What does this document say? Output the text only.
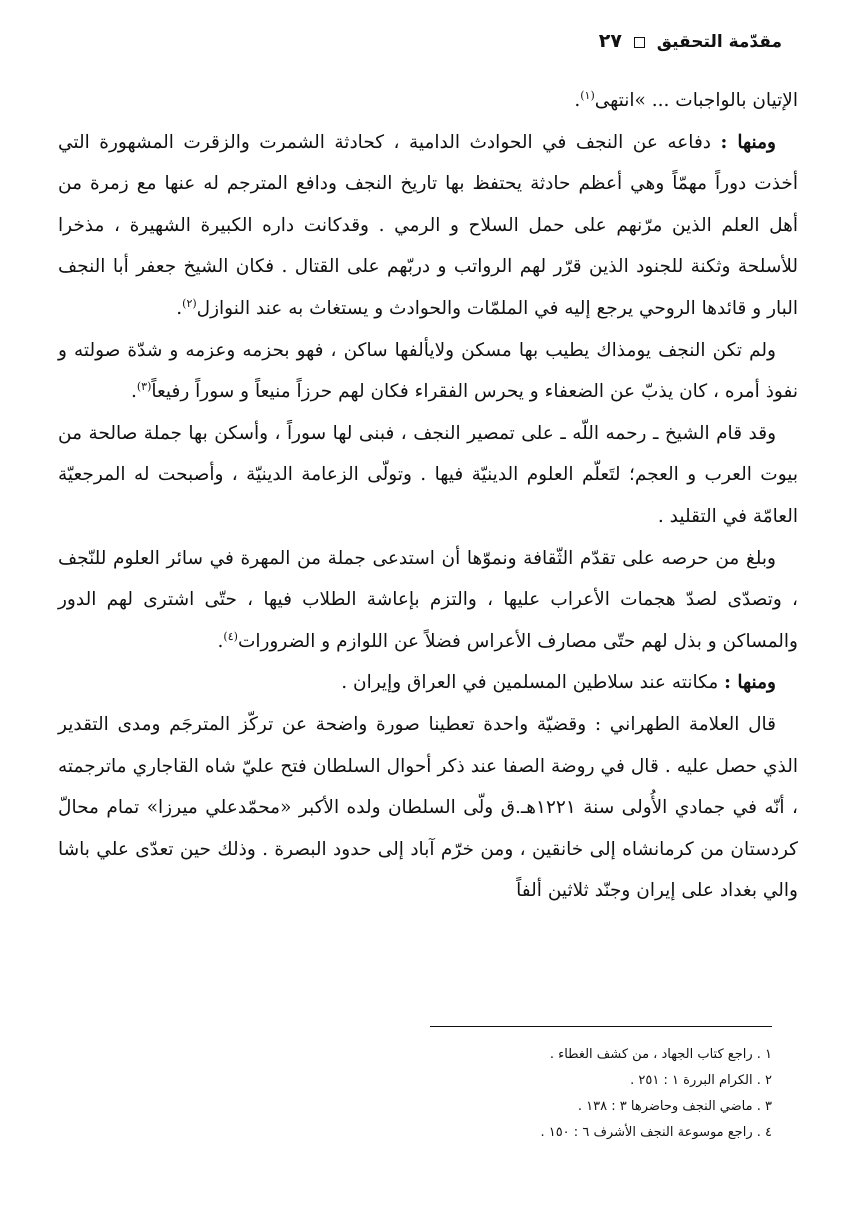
مقدّمة التحقيق  ٢٧

الإتيان بالواجبات ... »انتهى$^{(١)}$.

ومنها : دفاعه عن النجف في الحوادث الدامية ، كحادثة الشمرت والزقرت المشهورة التي أخذت دوراً مهمّاً وهي أعظم حادثة يحتفظ بها تاريخ النجف ودافع المترجم له عنها مع زمرة من أهل العلم الذين مرّنهم على حمل السلاح و الرمي . وقدكانت داره الكبيرة الشهيرة ، مذخرا للأسلحة وثكنة للجنود الذين قرّر لهم الرواتب و دربّهم على القتال . فكان الشيخ جعفر أبا النجف البار و قائدها الروحي يرجع إليه في الملمّات والحوادث و يستغاث به عند النوازل$^{(٢)}$.

ولم تكن النجف يومذاك يطيب بها مسكن ولايألفها ساكن ، فهو بحزمه وعزمه و شدّة صولته و نفوذ أمره ، كان يذبّ عن الضعفاء و يحرس الفقراء فكان لهم حرزاً منيعاً و سوراً رفيعاً$^{(٣)}$.

وقد قام الشيخ ـ رحمه اللّه ـ على تمصير النجف ، فبنى لها سوراً ، وأسكن بها جملة صالحة من بيوت العرب و العجم؛ لتَعلّم العلوم الدينيّة فيها . وتولّى الزعامة الدينيّة ، وأصبحت له المرجعيّة العامّة في التقليد .

وبلغ من حرصه على تقدّم الثّقافة ونموّها أن استدعى جملة من المهرة في سائر العلوم للنّجف ، وتصدّى لصدّ هجمات الأعراب عليها ، والتزم بإعاشة الطلاب فيها ، حتّى اشترى لهم الدور والمساكن و بذل لهم حتّى مصارف الأعراس فضلاً عن اللوازم و الضرورات$^{(٤)}$.

ومنها : مكانته عند سلاطين المسلمين في العراق وإيران .

قال العلامة الطهراني : وقضيّة واحدة تعطينا صورة واضحة عن تركّز المترجَم ومدى التقدير الذي حصل عليه . قال في روضة الصفا عند ذكر أحوال السلطان فتح عليّ شاه القاجاري ماترجمته ، أنّه في جمادي الأُولى سنة ١٢٢١هـ.ق ولّى السلطان ولده الأكبر «محمّدعلي ميرزا» تمام محالّ كردستان من كرمانشاه إلى خانقين ، ومن خرّم آباد إلى حدود البصرة . وذلك حين تعدّى علي باشا والي بغداد على إيران وجنّد ثلاثين ألفاً

١ . راجع كتاب الجهاد ، من كشف الغطاء .
٢ . الكرام البررة ١ : ٢٥١ .
٣ . ماضي النجف وحاضرها ٣ : ١٣٨ .
٤ . راجع موسوعة النجف الأشرف ٦ : ١٥٠ .
